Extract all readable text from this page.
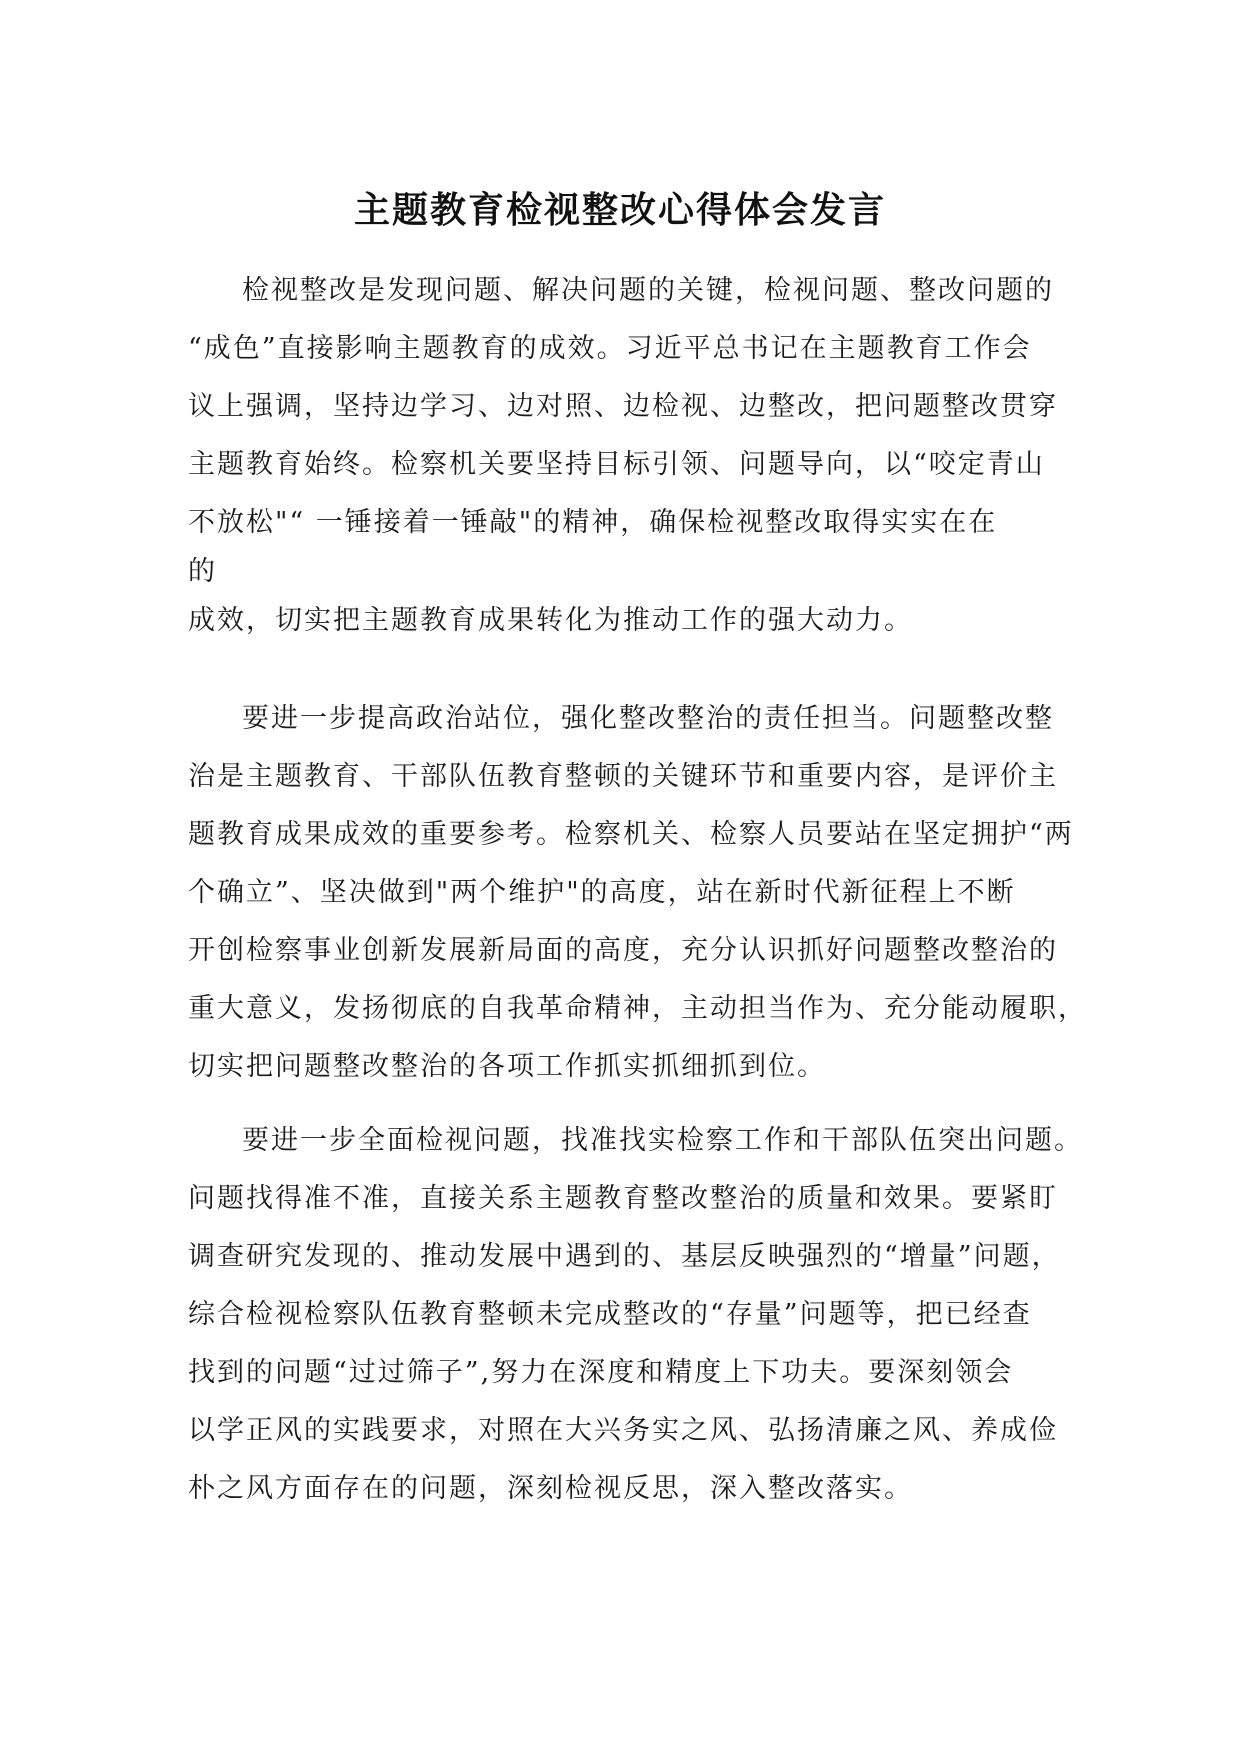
主题教育检视整改心得体会发言
检视整改是发现问题、解决问题的关键，检视问题、整改问题的
“成色”直接影响主题教育的成效。习近平总书记在主题教育工作会
议上强调，坚持边学习、边对照、边检视、边整改，把问题整改贯穿
主题教育始终。检察机关要坚持目标引领、问题导向，以“咬定青山
不放松"“ 一锤接着一锤敲"的精神，确保检视整改取得实实在在
的
成效，切实把主题教育成果转化为推动工作的强大动力。
要进一步提高政治站位，强化整改整治的责任担当。问题整改整
治是主题教育、干部队伍教育整顿的关键环节和重要内容，是评价主
题教育成果成效的重要参考。检察机关、检察人员要站在坚定拥护“两
个确立”、坚决做到"两个维护"的高度，站在新时代新征程上不断
开创检察事业创新发展新局面的高度，充分认识抓好问题整改整治的
重大意义，发扬彻底的自我革命精神，主动担当作为、充分能动履职，
切实把问题整改整治的各项工作抓实抓细抓到位。
要进一步全面检视问题，找准找实检察工作和干部队伍突出问题。
问题找得准不准，直接关系主题教育整改整治的质量和效果。要紧盯
调查研究发现的、推动发展中遇到的、基层反映强烈的“增量”问题，
综合检视检察队伍教育整顿未完成整改的“存量”问题等，把已经查
找到的问题“过过筛子”,努力在深度和精度上下功夫。要深刻领会
以学正风的实践要求，对照在大兴务实之风、弘扬清廉之风、养成俭
朴之风方面存在的问题，深刻检视反思，深入整改落实。
